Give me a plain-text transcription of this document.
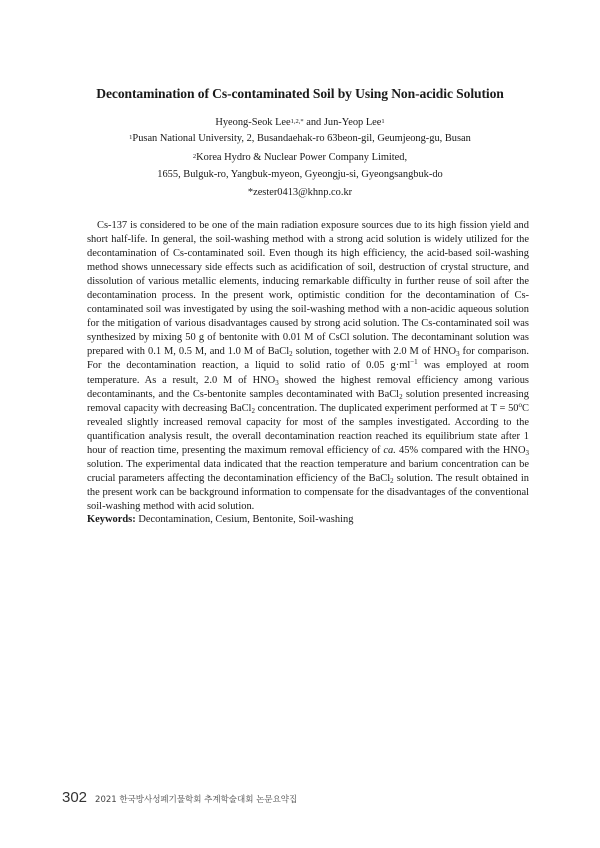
Decontamination of Cs-contaminated Soil by Using Non-acidic Solution
Hyeong-Seok Lee$^{1,2,*}$ and Jun-Yeop Lee$^1$
$^1$Pusan National University, 2, Busandaehak-ro 63beon-gil, Geumjeong-gu, Busan
$^2$Korea Hydro & Nuclear Power Company Limited,
1655, Bulguk-ro, Yangbuk-myeon, Gyeongju-si, Gyeongsangbuk-do
*zester0413@khnp.co.kr

Cs-137 is considered to be one of the main radiation exposure sources due to its high fission yield and short half-life. In general, the soil-washing method with a strong acid solution is widely utilized for the decontamination of Cs-contaminated soil. Even though its high efficiency, the acid-based soil-washing method shows unnecessary side effects such as acidification of soil, destruction of crystal structure, and dissolution of various metallic elements, inducing remarkable difficulty in further reuse of soil after the decontamination process. In the present work, optimistic condition for the decontamination of Cs-contaminated soil was investigated by using the soil-washing method with a non-acidic aqueous solution for the mitigation of various disadvantages caused by strong acid solution. The Cs-contaminated soil was synthesized by mixing 50 g of bentonite with 0.01 M of CsCl solution. The decontaminant solution was prepared with 0.1 M, 0.5 M, and 1.0 M of BaCl$_2$ solution, together with 2.0 M of $HNO_3$ for comparison. For the decontamination reaction, a liquid to solid ratio of 0.05 $g\cdot ml^{-1}$ was employed at room temperature. As a result, 2.0 M of $HNO_3$ showed the highest removal efficiency among various decontaminants, and the Cs-bentonite samples decontaminated with BaCl$_2$ solution presented increasing removal capacity with decreasing BaCl$_2$ concentration. The duplicated experiment performed at $T = 50^oC$ revealed slightly increased removal capacity for most of the samples investigated. According to the quantification analysis result, the overall decontamination reaction reached its equilibrium state after 1 hour of reaction time, presenting the maximum removal efficiency of ca. 45% compared with the $HNO_3$ solution. The experimental data indicated that the reaction temperature and barium concentration can be crucial parameters affecting the decontamination efficiency of the BaCl$_2$ solution. The result obtained in the present work can be background information to compensate for the disadvantages of the conventional soil-washing method with acid solution.

Keywords: Decontamination, Cesium, Bentonite, Soil-washing
302 2021 한국방사성폐기물학회 추계학술대회 논문요약집
